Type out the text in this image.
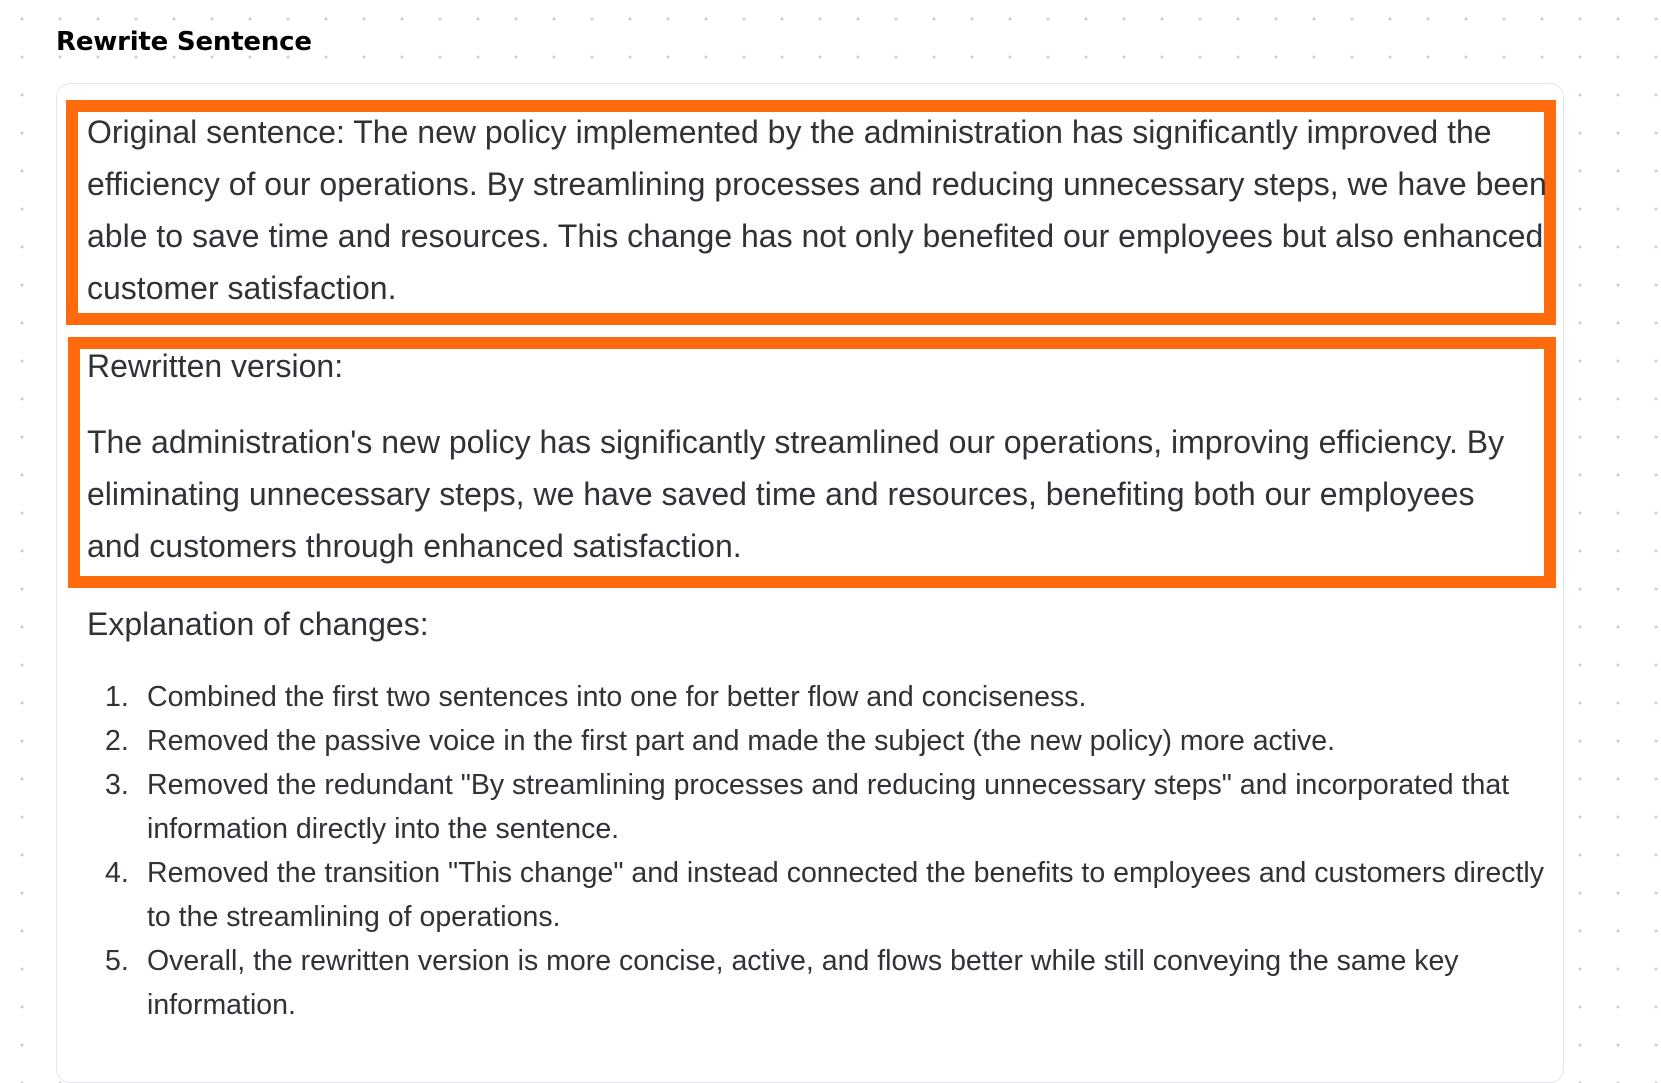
Rewrite Sentence

Original sentence: The new policy implemented by the administration has significantly improved the efficiency of our operations. By streamlining processes and reducing unnecessary steps, we have been able to save time and resources. This change has not only benefited our employees but also enhanced customer satisfaction.

Rewritten version:

The administration's new policy has significantly streamlined our operations, improving efficiency. By eliminating unnecessary steps, we have saved time and resources, benefiting both our employees and customers through enhanced satisfaction.

Explanation of changes:

1. Combined the first two sentences into one for better flow and conciseness.
2. Removed the passive voice in the first part and made the subject (the new policy) more active.
3. Removed the redundant "By streamlining processes and reducing unnecessary steps" and incorporated that information directly into the sentence.
4. Removed the transition "This change" and instead connected the benefits to employees and customers directly to the streamlining of operations.
5. Overall, the rewritten version is more concise, active, and flows better while still conveying the same key information.
